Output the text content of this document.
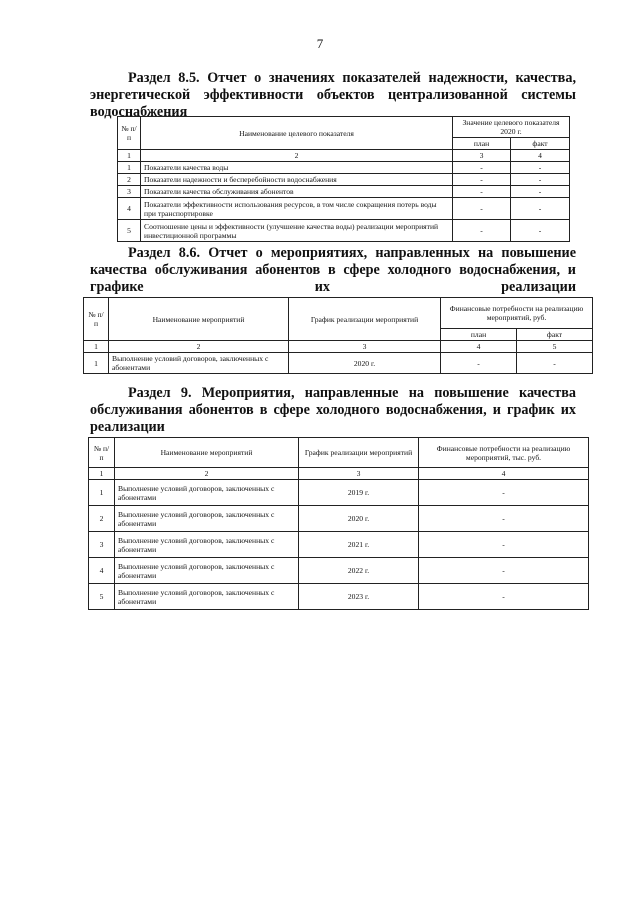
7
Раздел 8.5. Отчет о значениях показателей надежности, качества, энергетической эффективности объектов централизованной системы водоснабжения
№ п/п	Наименование целевого показателя	Значение целевого показателя 2020 г.	
		план	факт
1	2	3	4
1	Показатели качества воды	-	-
2	Показатели надежности и бесперебойности водоснабжения	-	-
3	Показатели качества обслуживания абонентов	-	-
4	Показатели эффективности использования ресурсов, в том числе сокращения потерь воды при транспортировке	-	-
5	Соотношение цены и эффективности (улучшение качества воды) реализации мероприятий инвестиционной программы	-	-
Раздел 8.6. Отчет о мероприятиях, направленных на повышение качества обслуживания абонентов в сфере холодного водоснабжения, и графике их реализации
№ п/п	Наименование мероприятий	График реализации мероприятий	Финансовые потребности на реализацию мероприятий, руб.	
			план	факт
1	2	3	4	5
1	Выполнение условий договоров, заключенных с абонентами	2020 г.	-	-
Раздел 9. Мероприятия, направленные на повышение качества обслуживания абонентов в сфере холодного водоснабжения, и график их реализации
№ п/п	Наименование мероприятий	График реализации мероприятий	Финансовые потребности на реализацию мероприятий, тыс. руб.
1	2	3	4
1	Выполнение условий договоров, заключенных с абонентами	2019 г.	-
2	Выполнение условий договоров, заключенных с абонентами	2020 г.	-
3	Выполнение условий договоров, заключенных с абонентами	2021 г.	-
4	Выполнение условий договоров, заключенных с абонентами	2022 г.	-
5	Выполнение условий договоров, заключенных с абонентами	2023 г.	-
